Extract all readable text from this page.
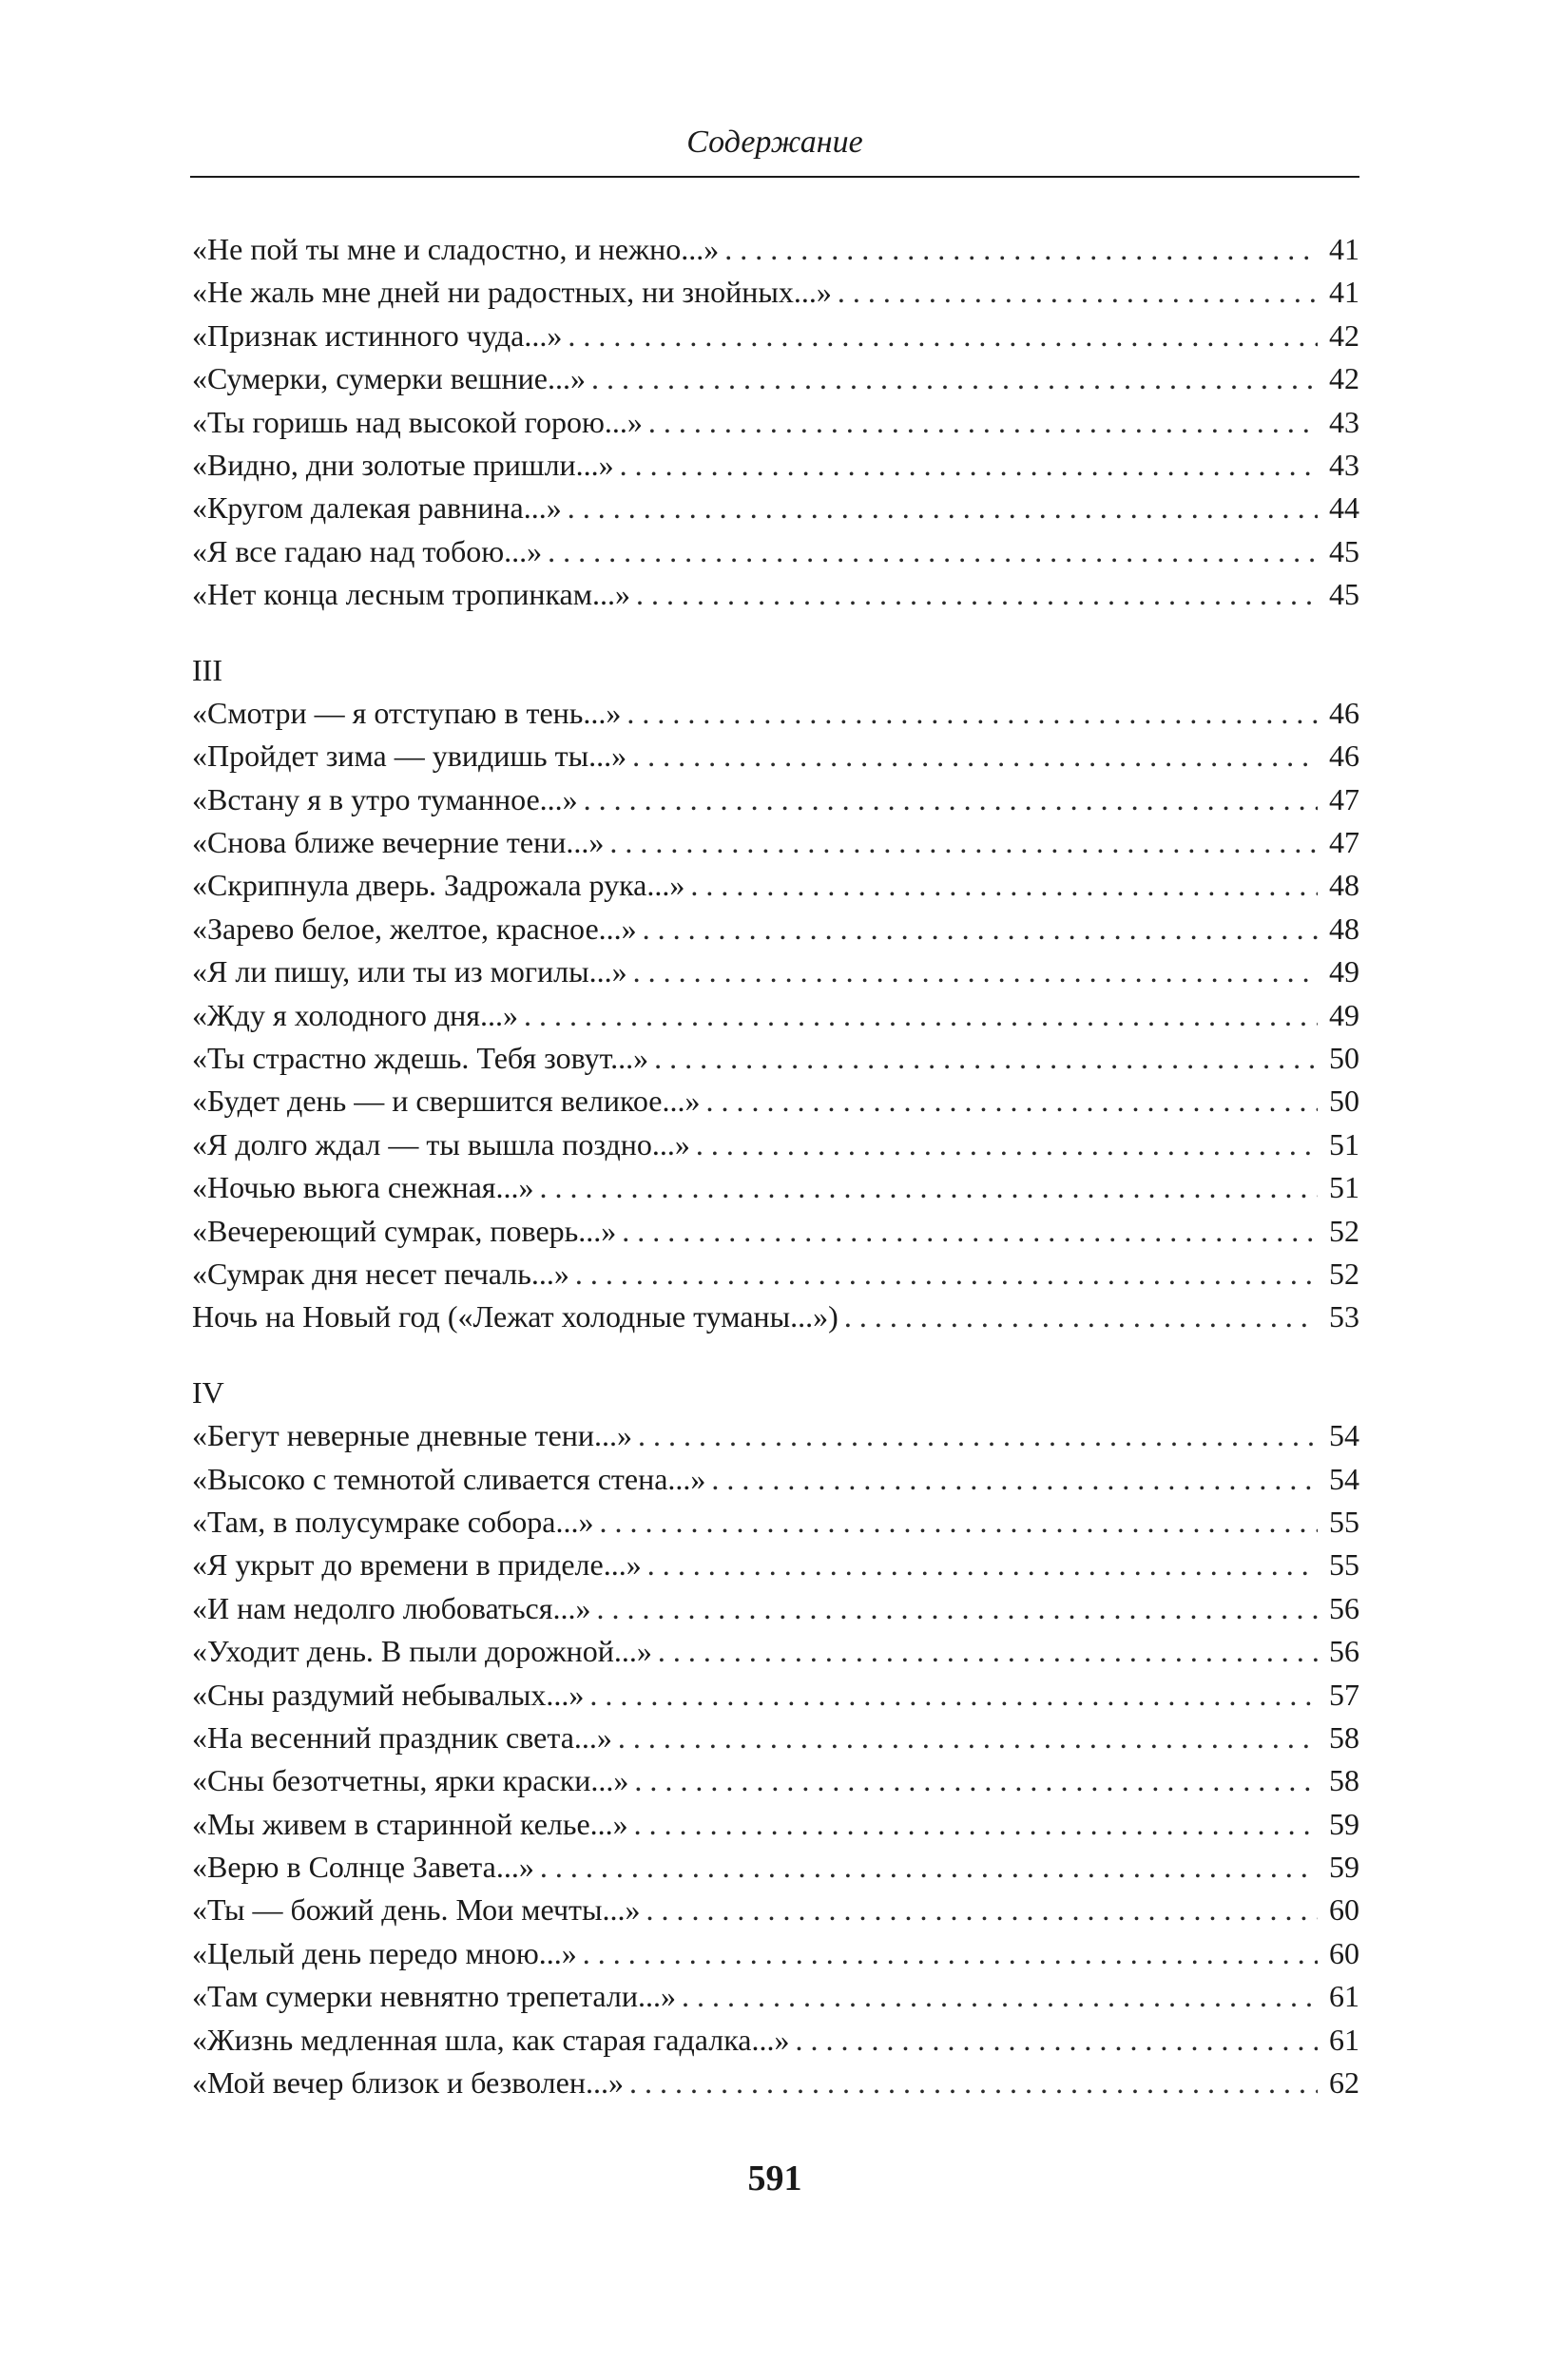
Содержание
«Не пой ты мне и сладостно, и нежно...» . . .	41
«Не жаль мне дней ни радостных, ни знойных...» . . .	41
«Признак истинного чуда...» . . .	42
«Сумерки, сумерки вешние...» . . .	42
«Ты горишь над высокой горою...» . . .	43
«Видно, дни золотые пришли...» . . .	43
«Кругом далекая равнина...» . . .	44
«Я все гадаю над тобою...» . . .	45
«Нет конца лесным тропинкам...» . . .	45
III
«Смотри — я отступаю в тень...» . . .	46
«Пройдет зима — увидишь ты...» . . .	46
«Встану я в утро туманное...» . . .	47
«Снова ближе вечерние тени...» . . .	47
«Скрипнула дверь. Задрожала рука...» . . .	48
«Зарево белое, желтое, красное...» . . .	48
«Я ли пишу, или ты из могилы...» . . .	49
«Жду я холодного дня...» . . .	49
«Ты страстно ждешь. Тебя зовут...» . . .	50
«Будет день — и свершится великое...» . . .	50
«Я долго ждал — ты вышла поздно...» . . .	51
«Ночью вьюга снежная...» . . .	51
«Вечереющий сумрак, поверь...» . . .	52
«Сумрак дня несет печаль...» . . .	52
Ночь на Новый год («Лежат холодные туманы...») . . .	53
IV
«Бегут неверные дневные тени...» . . .	54
«Высоко с темнотой сливается стена...» . . .	54
«Там, в полусумраке собора...» . . .	55
«Я укрыт до времени в приделе...» . . .	55
«И нам недолго любоваться...» . . .	56
«Уходит день. В пыли дорожной...» . . .	56
«Сны раздумий небывалых...» . . .	57
«На весенний праздник света...» . . .	58
«Сны безотчетны, ярки краски...» . . .	58
«Мы живем в старинной келье...» . . .	59
«Верю в Солнце Завета...» . . .	59
«Ты — божий день. Мои мечты...» . . .	60
«Целый день передо мною...» . . .	60
«Там сумерки невнятно трепетали...» . . .	61
«Жизнь медленная шла, как старая гадалка...» . . .	61
«Мой вечер близок и безволен...» . . .	62
591
